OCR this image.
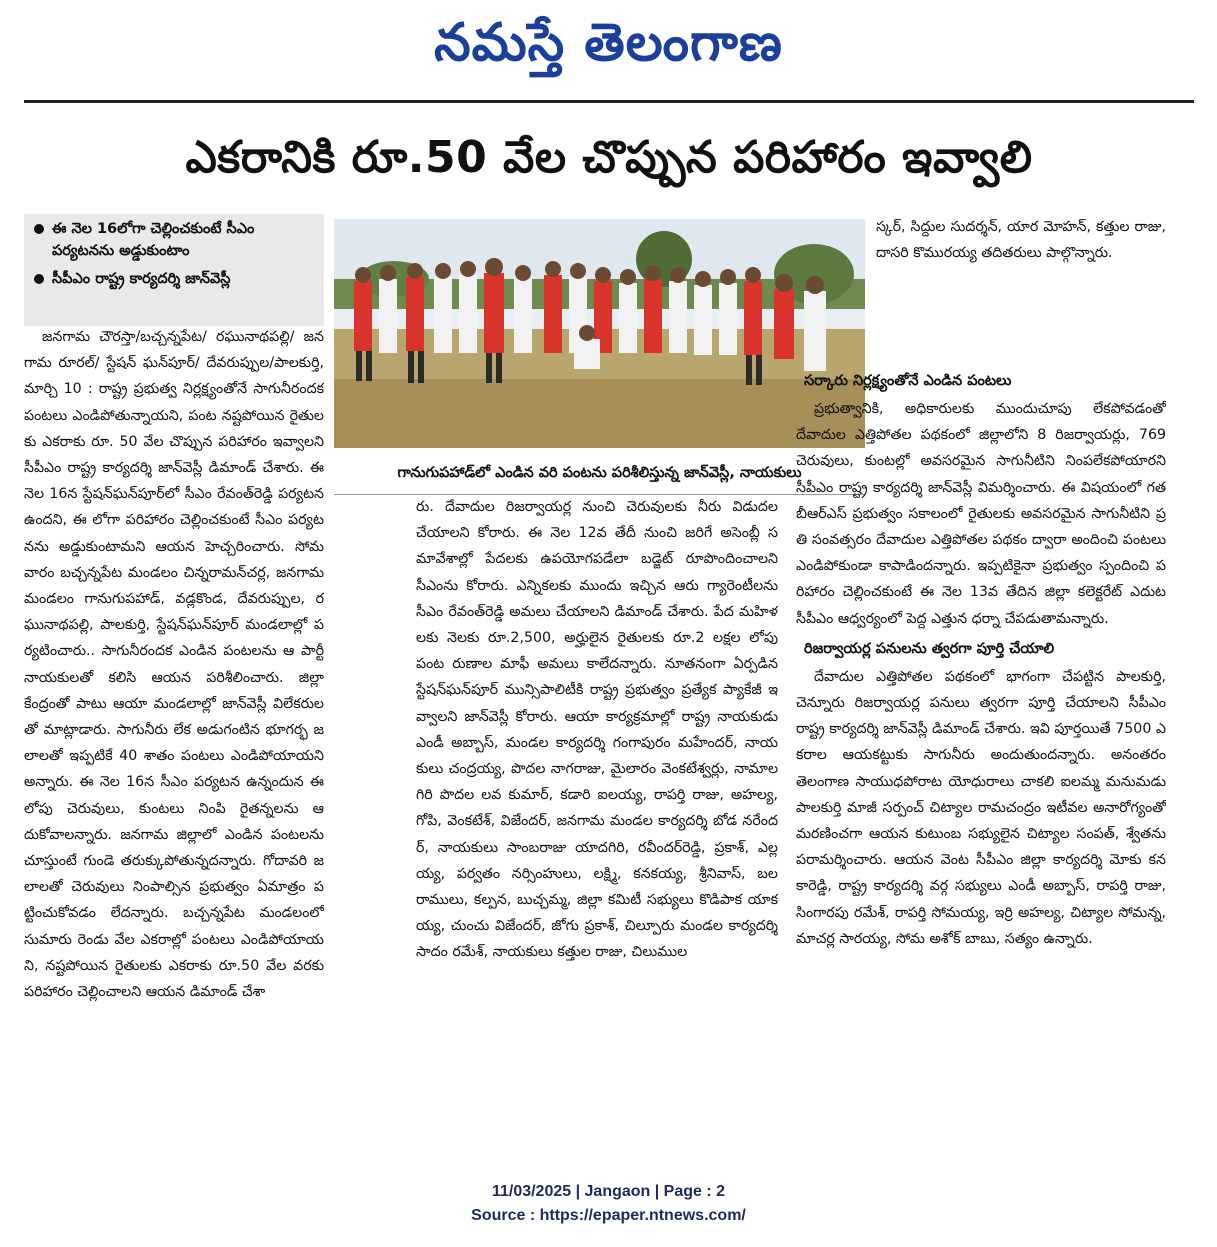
నమస్తే తెలంగాణ
ఎకరానికి రూ.50 వేల చొప్పున పరిహారం ఇవ్వాలి
ఈ నెల 16లోగా చెల్లించకుంటే సీఎం పర్యటనను అడ్డుకుంటాం
సీపీఎం రాష్ట్ర కార్యదర్శి జాన్‌వెస్లీ
గానుగుపహాడ్‌లో ఎండిన వరి పంటను పరిశీలిస్తున్న జాన్‌వెస్లీ, నాయకులు

జనగామ చౌరస్తా/బచ్చన్నపేట/ రఘునాథపల్లి/ జనగామ రూరల్/ స్టేషన్ ఘన్‌పూర్/ దేవరుప్పుల/పాలకుర్తి, మార్చి 10 : రాష్ట్ర ప్రభుత్వ నిర్లక్ష్యంతోనే సాగునీరందక పంటలు ఎండిపోతున్నాయని, పంట నష్టపోయిన రైతులకు ఎకరాకు రూ. 50 వేల చొప్పున పరిహారం ఇవ్వాలని సీపీఎం రాష్ట్ర కార్యదర్శి జాన్‌వెస్లీ డిమాండ్ చేశారు. ఈ నెల 16న స్టేషన్‌ఘన్‌పూర్‌లో సీఎం రేవంత్‌రెడ్డి పర్యటన ఉందని, ఈ లోగా పరిహారం చెల్లించకుంటే సీఎం పర్యటనను అడ్డుకుంటామని ఆయన హెచ్చరించారు. సోమవారం బచ్చన్నపేట మండలం చిన్నరామన్‌చర్ల, జనగామ మండలం గానుగుపహాడ్, వడ్లకొండ, దేవరుప్పుల, రఘునాథపల్లి, పాలకుర్తి, స్టేషన్‌ఘన్‌పూర్ మండలాల్లో పర్యటించారు.. సాగునీరందక ఎండిన పంటలను ఆ పార్టీ నాయకులతో కలిసి ఆయన పరిశీలించారు. జిల్లా కేంద్రంతో పాటు ఆయా మండలాల్లో జాన్‌వెస్లీ విలేకరులతో మాట్లాడారు. సాగునీరు లేక అడుగంటిన భూగర్భ జలాలతో ఇప్పటికే 40 శాతం పంటలు ఎండిపోయాయని అన్నారు. ఈ నెల 16న సీఎం పర్యటన ఉన్నందున ఈలోపు చెరువులు, కుంటలు నింపి రైతన్నలను ఆదుకోవాలన్నారు. జనగామ జిల్లాలో ఎండిన పంటలను చూస్తుంటే గుండె తరుక్కుపోతున్నదన్నారు. గోదావరి జలాలతో చెరువులు నింపాల్సిన ప్రభుత్వం ఏమాత్రం పట్టించుకోవడం లేదన్నారు. బచ్చన్నపేట మండలంలో సుమారు రెండు వేల ఎకరాల్లో పంటలు ఎండిపోయాయని, నష్టపోయిన రైతులకు ఎకరాకు రూ.50 వేల వరకు పరిహారం చెల్లించాలని ఆయన డిమాండ్ చేశా

రు. దేవాదుల రిజర్వాయర్ల నుంచి చెరువులకు నీరు విడుదల చేయాలని కోరారు. ఈ నెల 12వ తేదీ నుంచి జరిగే అసెంబ్లీ సమావేశాల్లో పేదలకు ఉపయోగపడేలా బడ్జెట్ రూపొందించాలని సీఎంను కోరారు. ఎన్నికలకు ముందు ఇచ్చిన ఆరు గ్యారెంటీలను సీఎం రేవంత్‌రెడ్డి అమలు చేయాలని డిమాండ్ చేశారు. పేద మహిళలకు నెలకు రూ.2,500, అర్హులైన రైతులకు రూ.2 లక్షల లోపు పంట రుణాల మాఫీ అమలు కాలేదన్నారు. నూతనంగా ఏర్పడిన స్టేషన్‌ఘన్‌పూర్ మున్సిపాలిటీకి రాష్ట్ర ప్రభుత్వం ప్రత్యేక ప్యాకేజీ ఇవ్వాలని జాన్‌వెస్లీ కోరారు. ఆయా కార్యక్రమాల్లో రాష్ట్ర నాయకుడు ఎండీ అబ్బాస్, మండల కార్యదర్శి గంగాపురం మహేందర్, నాయకులు చంద్రయ్య, పొదల నాగరాజు, మైలారం వెంకటేశ్వర్లు, నామాల గిరి పొదల లవ కుమార్, కడారి ఐలయ్య, రాపర్తి రాజు, అహల్య, గోపి, వెంకటేశ్, విజేందర్, జనగామ మండల కార్యదర్శి బోడ నరేందర్, నాయకులు సాంబరాజు యాదగిరి, రవీందర్‌రెడ్డి, ప్రకాశ్, ఎల్లయ్య, పర్వతం నర్సింహులు, లక్ష్మి, కనకయ్య, శ్రీనివాస్, బలరాములు, కల్పన, బుచ్చమ్మ, జిల్లా కమిటీ సభ్యులు కొడిపాక యాకయ్య, చుంచు విజేందర్, జోగు ప్రకాశ్, చిల్పూరు మండల కార్యదర్శి సాదం రమేశ్, నాయకులు కత్తుల రాజు, చిలుముల

స్కర్, సిద్దుల సుదర్శన్, యార మోహన్, కత్తుల రాజు, దాసరి కొమురయ్య తదితరులు పాల్గొన్నారు.

సర్కారు నిర్లక్ష్యంతోనే ఎండిన పంటలు

ప్రభుత్వానికి, అధికారులకు ముందుచూపు లేకపోవడంతో దేవాదుల ఎత్తిపోతల పథకంలో జిల్లాలోని 8 రిజర్వాయర్లు, 769 చెరువులు, కుంటల్లో అవసరమైన సాగునీటిని నింపలేకపోయారని సీపీఎం రాష్ట్ర కార్యదర్శి జాన్‌వెస్లీ విమర్శించారు. ఈ విషయంలో గత బీఆర్ఎస్ ప్రభుత్వం సకాలంలో రైతులకు అవసరమైన సాగునీటిని ప్రతి సంవత్సరం దేవాదుల ఎత్తిపోతల పథకం ద్వారా అందించి పంటలు ఎండిపోకుండా కాపాడిందన్నారు. ఇప్పటికైనా ప్రభుత్వం స్పందించి పరిహారం చెల్లించకుంటే ఈ నెల 13వ తేదిన జిల్లా కలెక్టరేట్ ఎదుట సీపీఎం ఆధ్వర్యంలో పెద్ద ఎత్తున ధర్నా చేపడుతామన్నారు.

రిజర్వాయర్ల పనులను త్వరగా పూర్తి చేయాలి

దేవాదుల ఎత్తిపోతల పథకంలో భాగంగా చేపట్టిన పాలకుర్తి, చెన్నూరు రిజర్వాయర్ల పనులు త్వరగా పూర్తి చేయాలని సీపీఎం రాష్ట్ర కార్యదర్శి జాన్‌వెస్లీ డిమాండ్ చేశారు. ఇవి పూర్తయితే 7500 ఎకరాల ఆయకట్టుకు సాగునీరు అందుతుందన్నారు. అనంతరం తెలంగాణ సాయుధపోరాట యోధురాలు చాకలి ఐలమ్మ మనుమడు పాలకుర్తి మాజీ సర్పంచ్ చిట్యాల రామచంద్రం ఇటీవల అనారోగ్యంతో మరణించగా ఆయన కుటుంబ సభ్యులైన చిట్యాల సంపత్, శ్వేతను పరామర్శించారు. ఆయన వెంట సీపీఎం జిల్లా కార్యదర్శి మోకు కనకారెడ్డి, రాష్ట్ర కార్యదర్శి వర్గ సభ్యులు ఎండీ అబ్బాస్, రాపర్తి రాజు, సింగారపు రమేశ్, రాపర్తి సోమయ్య, ఇర్రి అహల్య, చిట్యాల సోమన్న, మాచర్ల సారయ్య, సోమ అశోక్ బాబు, సత్యం ఉన్నారు.

11/03/2025 | Jangaon | Page : 2
Source : https://epaper.ntnews.com/
